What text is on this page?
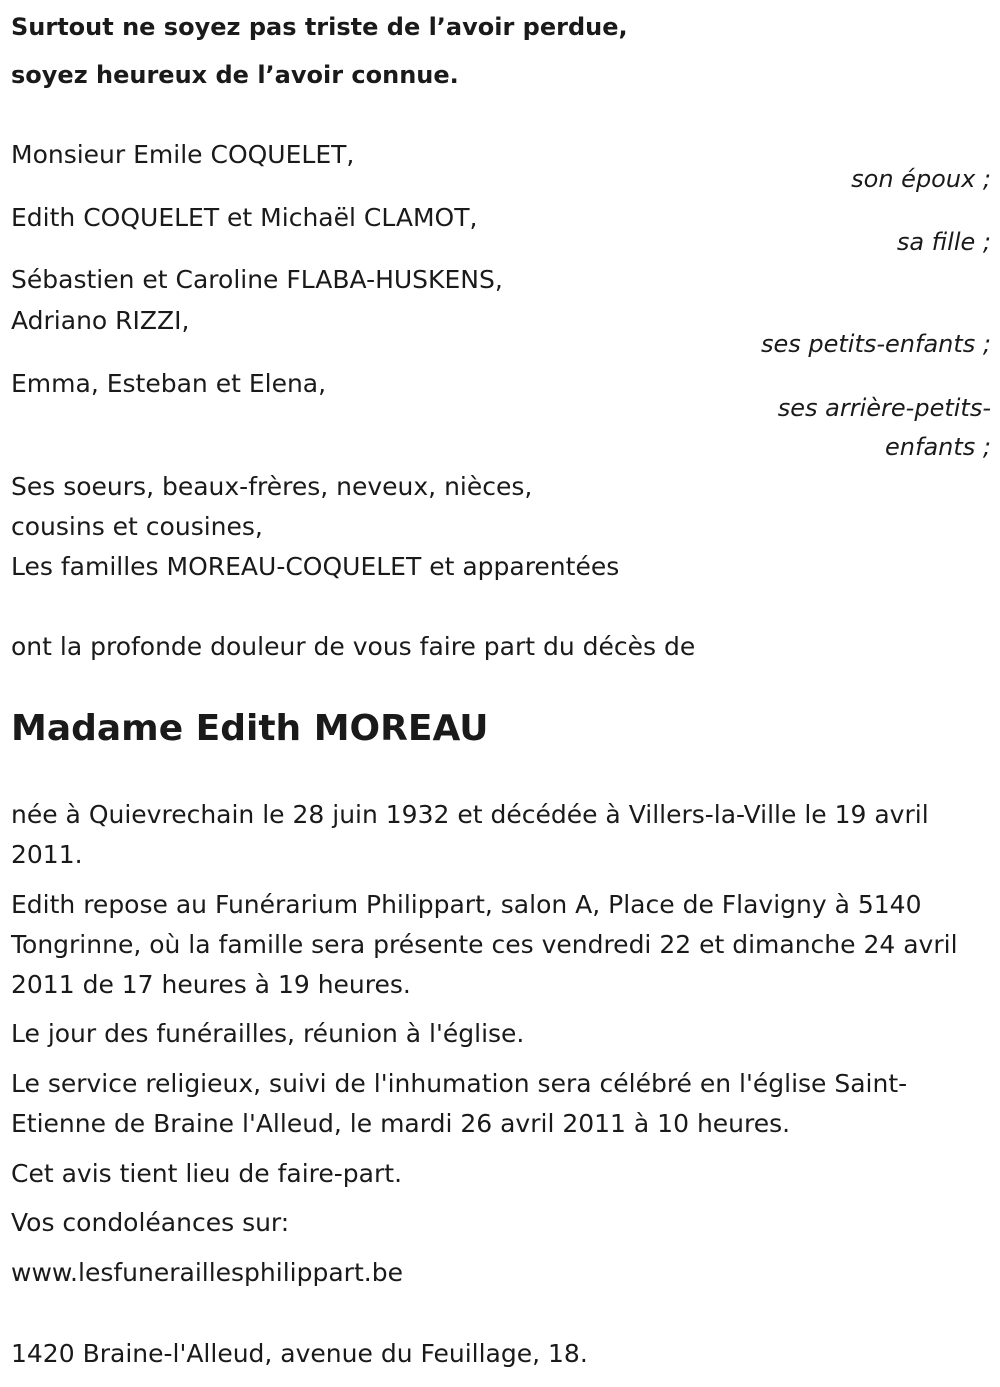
Surtout ne soyez pas triste de l’avoir perdue,
soyez heureux de l’avoir connue.
Monsieur Emile COQUELET,
son époux ;
Edith COQUELET et Michaël CLAMOT,
sa fille ;
Sébastien et Caroline FLABA-HUSKENS,
Adriano RIZZI,
ses petits-enfants ;
Emma, Esteban et Elena,
ses arrière-petits-
enfants ;
Ses soeurs, beaux-frères, neveux, nièces,
cousins et cousines,
Les familles MOREAU-COQUELET et apparentées
ont la profonde douleur de vous faire part du décès de
Madame Edith MOREAU
née à Quievrechain le 28 juin 1932 et décédée à Villers-la-Ville le 19 avril 2011.
Edith repose au Funérarium Philippart, salon A, Place de Flavigny à 5140 Tongrinne, où la famille sera présente ces vendredi 22 et dimanche 24 avril 2011 de 17 heures à 19 heures.
Le jour des funérailles, réunion à l'église.
Le service religieux, suivi de l'inhumation sera célébré en l'église Saint-Etienne de Braine l'Alleud, le mardi 26 avril 2011 à 10 heures.
Cet avis tient lieu de faire-part.
Vos condoléances sur:
www.lesfuneraillesphilippart.be
1420 Braine-l'Alleud, avenue du Feuillage, 18.
